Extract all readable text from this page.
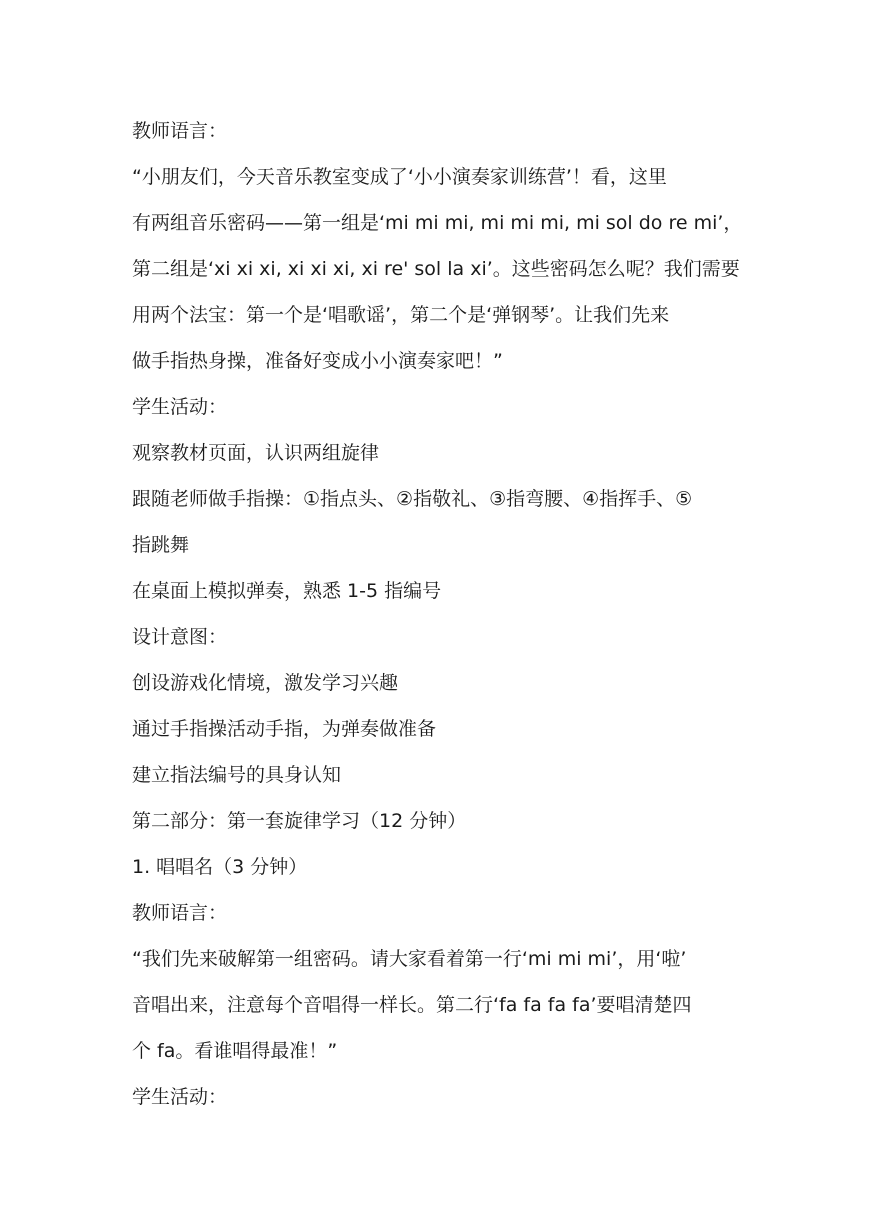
教师语言：
“小朋友们，今天音乐教室变成了‘小小演奏家训练营’！看，这里
有两组音乐密码——第一组是‘mi mi mi, mi mi mi, mi sol do re mi’，
第二组是‘xi xi xi, xi xi xi, xi re' sol la xi’。这些密码怎么呢？我们需要
用两个法宝：第一个是‘唱歌谣’，第二个是‘弹钢琴’。让我们先来
做手指热身操，准备好变成小小演奏家吧！”
学生活动：
观察教材页面，认识两组旋律
跟随老师做手指操：①指点头、②指敬礼、③指弯腰、④指挥手、⑤
指跳舞
在桌面上模拟弹奏，熟悉 1-5 指编号
设计意图：
创设游戏化情境，激发学习兴趣
通过手指操活动手指，为弹奏做准备
建立指法编号的具身认知
第二部分：第一套旋律学习（12 分钟）
1. 唱唱名（3 分钟）
教师语言：
“我们先来破解第一组密码。请大家看着第一行‘mi mi mi’，用‘啦’
音唱出来，注意每个音唱得一样长。第二行‘fa fa fa fa’要唱清楚四
个 fa。看谁唱得最准！”
学生活动：
